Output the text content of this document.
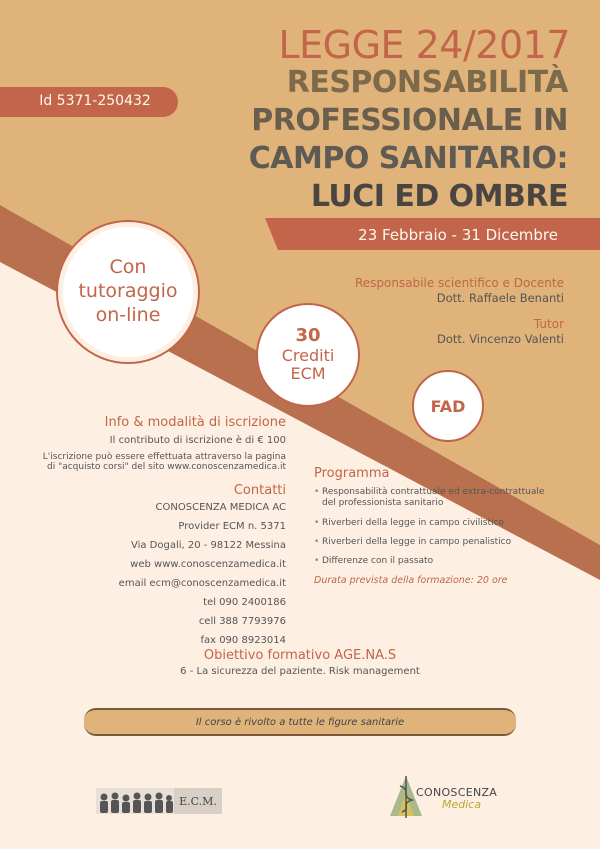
Id 5371-250432
LEGGE 24/2017
RESPONSABILITÀ
PROFESSIONALE IN
CAMPO SANITARIO:
LUCI ED OMBRE
23 Febbraio - 31 Dicembre
Con
tutoraggio
on-line
30
Crediti
ECM
FAD
Responsabile scientifico e Docente
Dott. Raffaele Benanti
Tutor
Dott. Vincenzo Valenti
Info & modalità di iscrizione
Il contributo di iscrizione è di € 100
L'iscrizione può essere effettuata attraverso la pagina
di "acquisto corsi" del sito www.conoscenzamedica.it
Contatti
CONOSCENZA MEDICA AC
Provider ECM n. 5371
Via Dogali, 20 - 98122 Messina
web www.conoscenzamedica.it
email ecm@conoscenzamedica.it
tel 090 2400186
cell 388 7793976
fax 090 8923014
Programma
• Responsabilità contrattuale ed extra-contrattuale del professionista sanitario
• Riverberi della legge in campo civilistico
• Riverberi della legge in campo penalistico
• Differenze con il passato
Durata prevista della formazione: 20 ore
Obiettivo formativo AGE.NA.S
6 - La sicurezza del paziente. Risk management
Il corso è rivolto a tutte le figure sanitarie
E.C.M.
CONOSCENZA
Medica
